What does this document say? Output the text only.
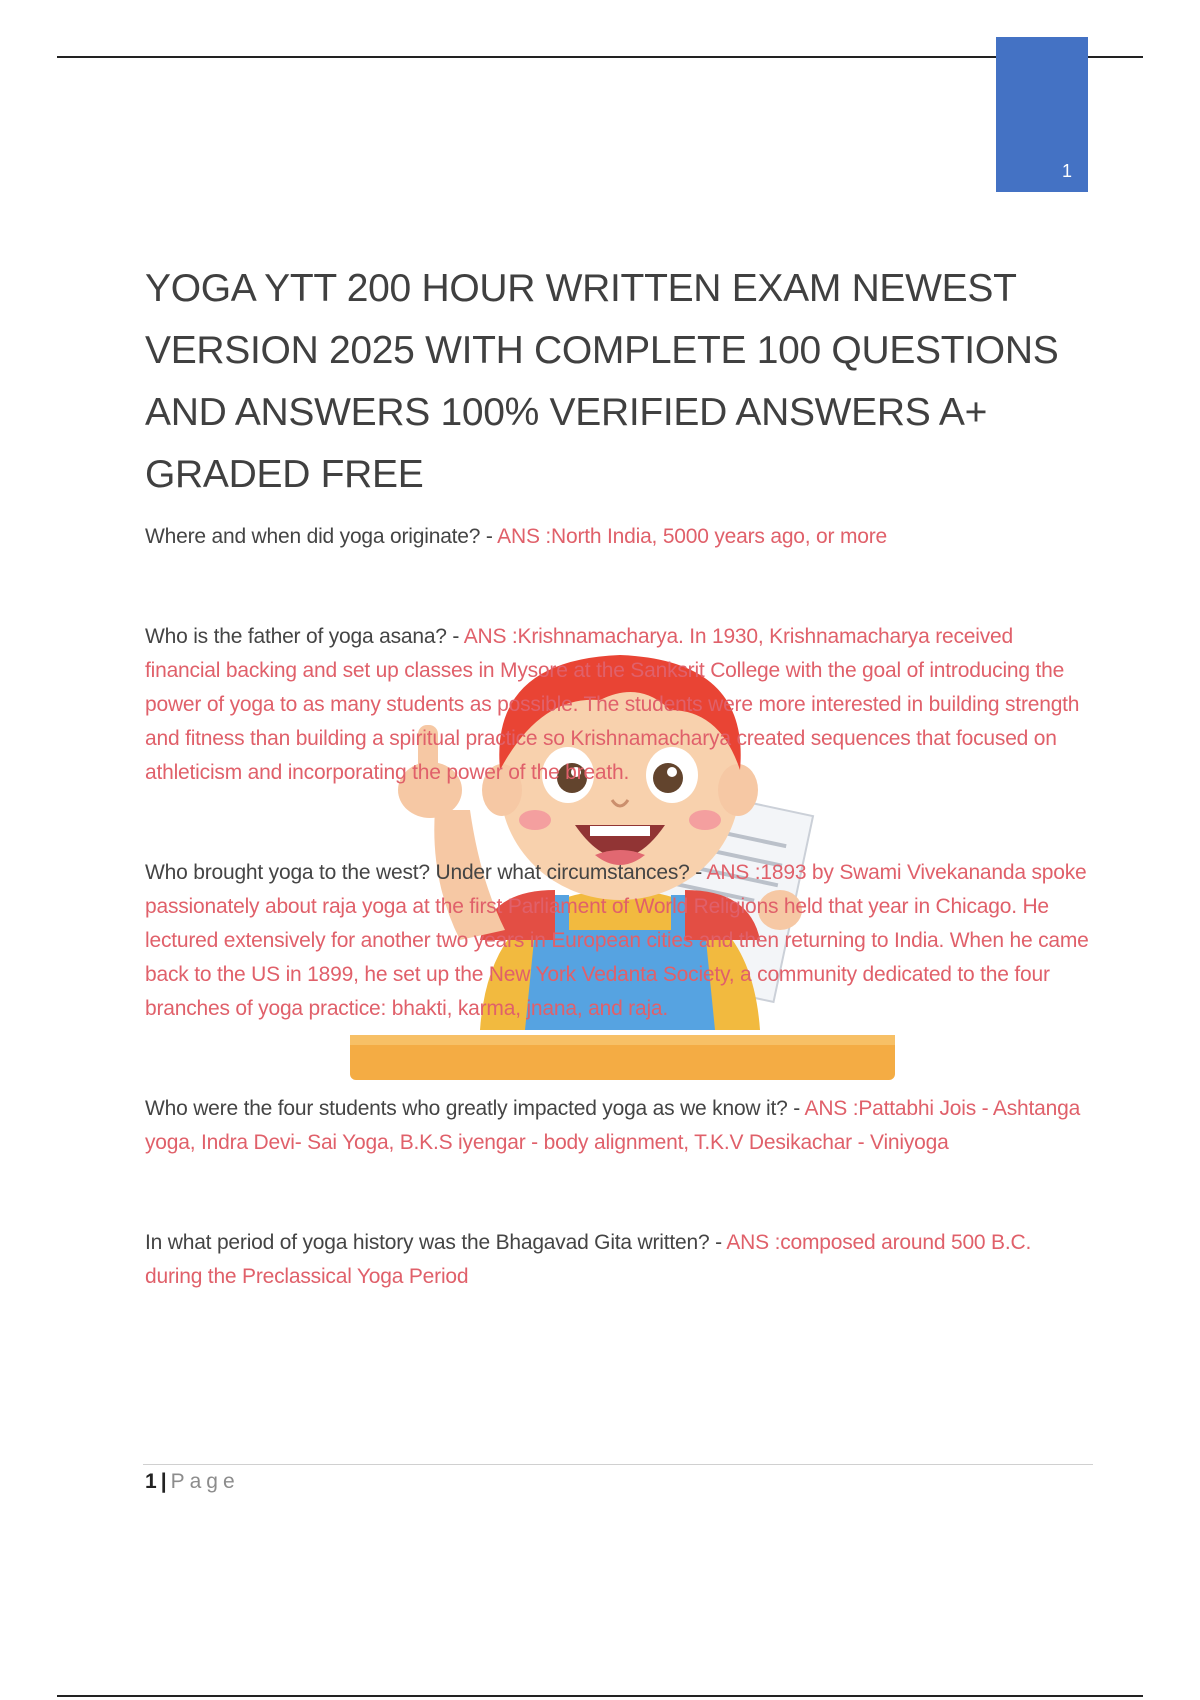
1
YOGA YTT 200 HOUR WRITTEN EXAM NEWEST VERSION 2025 WITH COMPLETE 100 QUESTIONS AND ANSWERS 100% VERIFIED ANSWERS A+ GRADED FREE

Where and when did yoga originate? - ANS :North India, 5000 years ago, or more

Who is the father of yoga asana? - ANS :Krishnamacharya. In 1930, Krishnamacharya received financial backing and set up classes in Mysore at the Sanksrit College with the goal of introducing the power of yoga to as many students as possible. The students were more interested in building strength and fitness than building a spiritual practice so Krishnamacharya created sequences that focused on athleticism and incorporating the power of the breath.

Who brought yoga to the west? Under what circumstances? - ANS :1893 by Swami Vivekananda spoke passionately about raja yoga at the first Parliament of World Religions held that year in Chicago. He lectured extensively for another two years in European cities and then returning to India. When he came back to the US in 1899, he set up the New York Vedanta Society, a community dedicated to the four branches of yoga practice: bhakti, karma, jnana, and raja.

Who were the four students who greatly impacted yoga as we know it? - ANS :Pattabhi Jois - Ashtanga yoga, Indra Devi- Sai Yoga, B.K.S iyengar - body alignment, T.K.V Desikachar - Viniyoga

In what period of yoga history was the Bhagavad Gita written? - ANS :composed around 500 B.C. during the Preclassical Yoga Period

1 | Page
